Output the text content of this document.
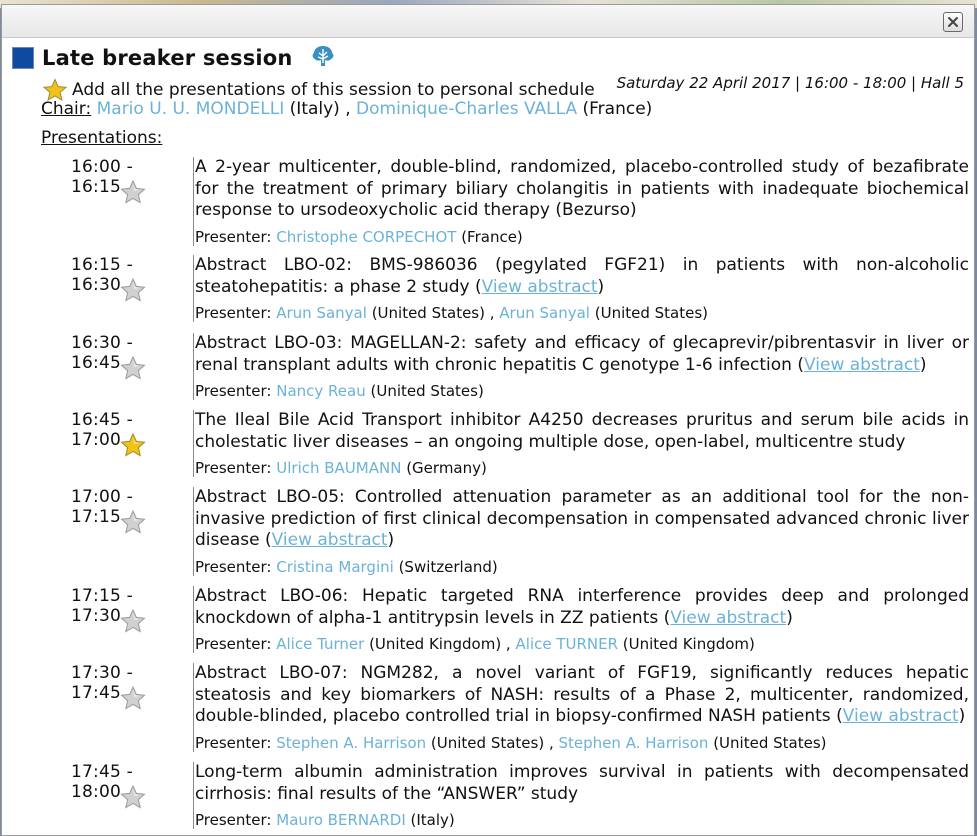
Late breaker session
Saturday 22 April 2017 | 16:00 - 18:00 | Hall 5
Add all the presentations of this session to personal schedule
Chair: Mario U. U. MONDELLI (Italy) , Dominique-Charles VALLA (France)
Presentations:
16:00 - 16:15

A 2-year multicenter, double-blind, randomized, placebo-controlled study of bezafibrate for the treatment of primary biliary cholangitis in patients with inadequate biochemical response to ursodeoxycholic acid therapy (Bezurso)

Presenter: Christophe CORPECHOT (France)
16:15 - 16:30

Abstract LBO-02: BMS-986036 (pegylated FGF21) in patients with non-alcoholic steatohepatitis: a phase 2 study (View abstract)

Presenter: Arun Sanyal (United States) , Arun Sanyal (United States)
16:30 - 16:45

Abstract LBO-03: MAGELLAN-2: safety and efficacy of glecaprevir/pibrentasvir in liver or renal transplant adults with chronic hepatitis C genotype 1-6 infection (View abstract)

Presenter: Nancy Reau (United States)
16:45 - 17:00

The Ileal Bile Acid Transport inhibitor A4250 decreases pruritus and serum bile acids in cholestatic liver diseases – an ongoing multiple dose, open-label, multicentre study

Presenter: Ulrich BAUMANN (Germany)
17:00 - 17:15

Abstract LBO-05: Controlled attenuation parameter as an additional tool for the non-invasive prediction of first clinical decompensation in compensated advanced chronic liver disease (View abstract)

Presenter: Cristina Margini (Switzerland)
17:15 - 17:30

Abstract LBO-06: Hepatic targeted RNA interference provides deep and prolonged knockdown of alpha-1 antitrypsin levels in ZZ patients (View abstract)

Presenter: Alice Turner (United Kingdom) , Alice TURNER (United Kingdom)
17:30 - 17:45

Abstract LBO-07: NGM282, a novel variant of FGF19, significantly reduces hepatic steatosis and key biomarkers of NASH: results of a Phase 2, multicenter, randomized, double-blinded, placebo controlled trial in biopsy-confirmed NASH patients (View abstract)

Presenter: Stephen A. Harrison (United States) , Stephen A. Harrison (United States)
17:45 - 18:00

Long-term albumin administration improves survival in patients with decompensated cirrhosis: final results of the “ANSWER” study

Presenter: Mauro BERNARDI (Italy)
